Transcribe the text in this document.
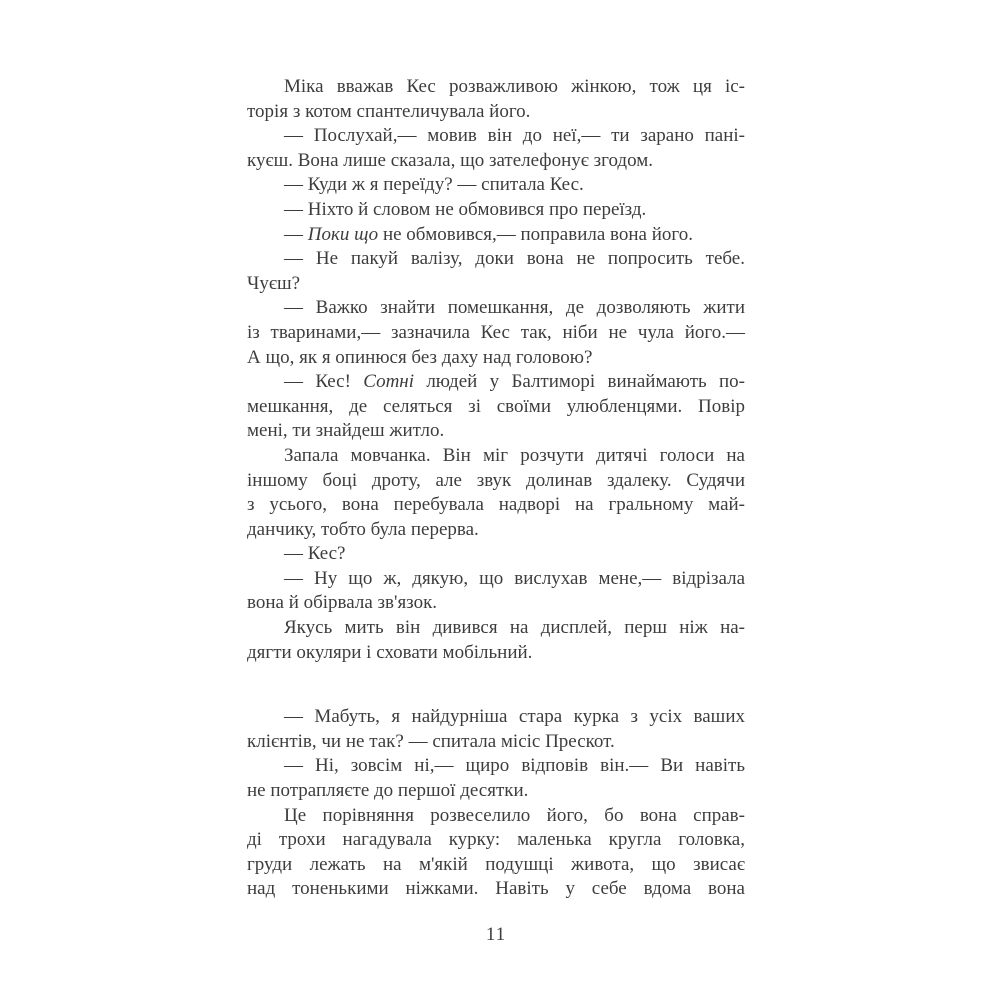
Міка вважав Кес розважливою жінкою, тож ця іс-
торія з котом спантеличувала його.
— Послухай,— мовив він до неї,— ти зарано пані-
куєш. Вона лише сказала, що зателефонує згодом.
— Куди ж я переїду? — спитала Кес.
— Ніхто й словом не обмовився про переїзд.
— Поки що не обмовився,— поправила вона його.
— Не пакуй валізу, доки вона не попросить тебе.
Чуєш?
— Важко знайти помешкання, де дозволяють жити
із тваринами,— зазначила Кес так, ніби не чула його.—
А що, як я опинюся без даху над головою?
— Кес! Сотні людей у Балтиморі винаймають по-
мешкання, де селяться зі своїми улюбленцями. Повір
мені, ти знайдеш житло.
Запала мовчанка. Він міг розчути дитячі голоси на
іншому боці дроту, але звук долинав здалеку. Судячи
з усього, вона перебувала надворі на гральному май-
данчику, тобто була перерва.
— Кес?
— Ну що ж, дякую, що вислухав мене,— відрізала
вона й обірвала зв'язок.
Якусь мить він дивився на дисплей, перш ніж на-
дягти окуляри і сховати мобільний.
— Мабуть, я найдурніша стара курка з усіх ваших
клієнтів, чи не так? — спитала місіс Прескот.
— Ні, зовсім ні,— щиро відповів він.— Ви навіть
не потрапляєте до першої десятки.
Це порівняння розвеселило його, бо вона справ-
ді трохи нагадувала курку: маленька кругла головка,
груди лежать на м'якій подушці живота, що звисає
над тоненькими ніжками. Навіть у себе вдома вона
11
